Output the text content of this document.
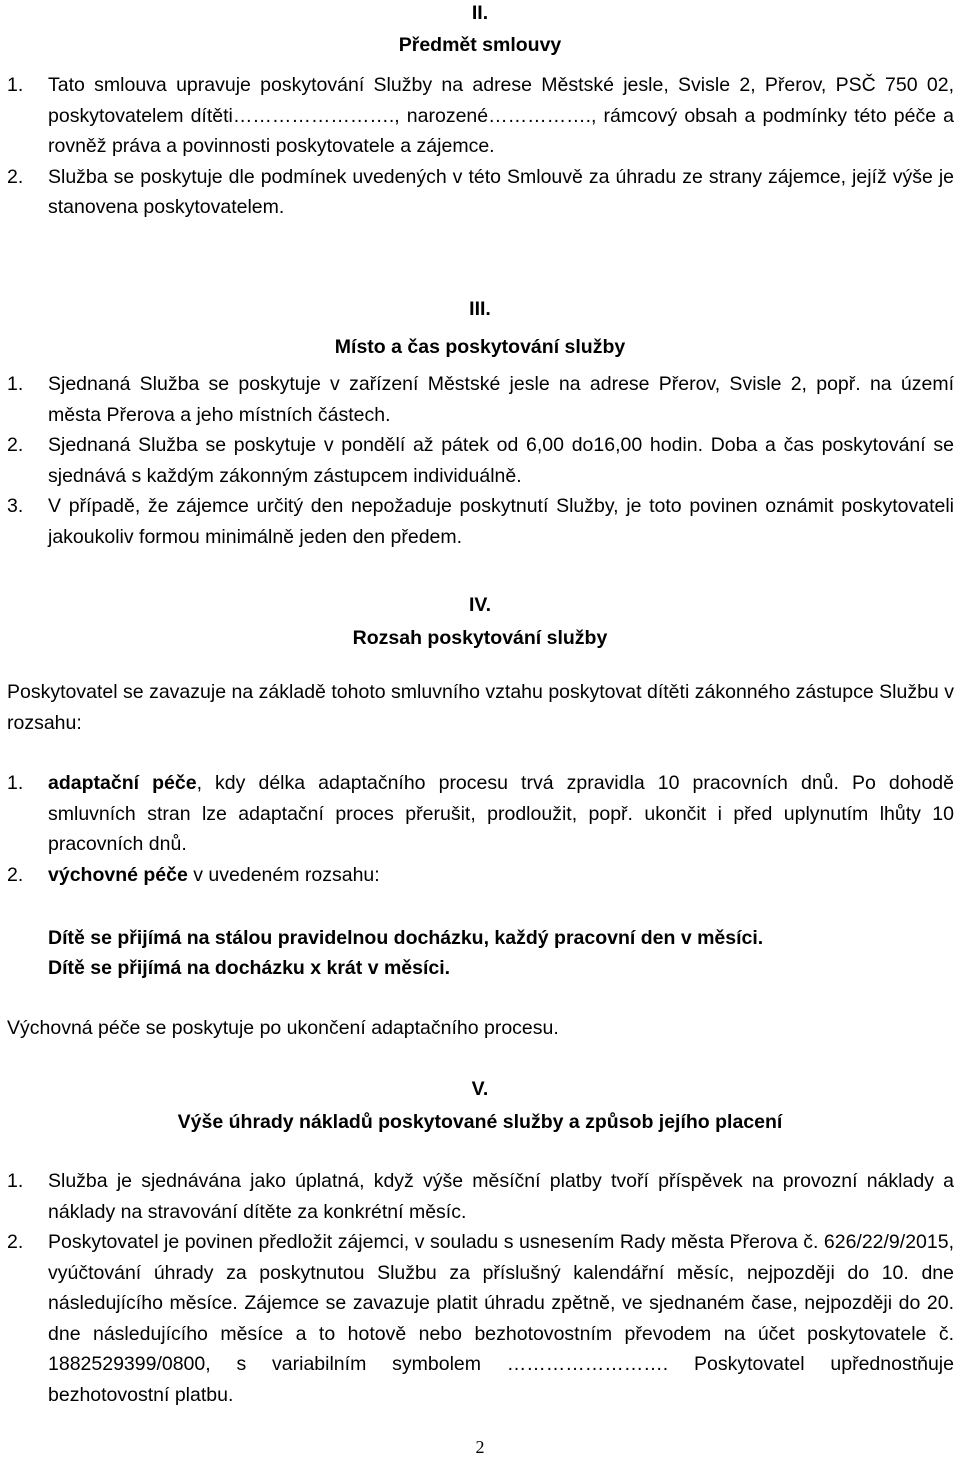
II.
Předmět smlouvy
1. Tato smlouva upravuje poskytování Služby na adrese Městské jesle, Svisle 2, Přerov, PSČ 750 02, poskytovatelem dítěti……………………., narozené……………., rámcový obsah a podmínky této péče a rovněž práva a povinnosti poskytovatele a zájemce.
2. Služba se poskytuje dle podmínek uvedených v této Smlouvě za úhradu ze strany zájemce, jejíž výše je stanovena poskytovatelem.
III.
Místo a čas poskytování služby
1. Sjednaná Služba se poskytuje v zařízení Městské jesle na adrese Přerov, Svisle 2, popř. na území města Přerova a jeho místních částech.
2. Sjednaná Služba se poskytuje v pondělí až pátek od 6,00 do16,00 hodin. Doba a čas poskytování se sjednává s každým zákonným zástupcem individuálně.
3. V případě, že zájemce určitý den nepožaduje poskytnutí Služby, je toto povinen oznámit poskytovateli jakoukoliv formou minimálně jeden den předem.
IV.
Rozsah poskytování služby
Poskytovatel se zavazuje na základě tohoto smluvního vztahu poskytovat dítěti zákonného zástupce Službu v rozsahu:
1. adaptační péče, kdy délka adaptačního procesu trvá zpravidla 10 pracovních dnů. Po dohodě smluvních stran lze adaptační proces přerušit, prodloužit, popř. ukončit i před uplynutím lhůty 10 pracovních dnů.
2. výchovné péče v uvedeném rozsahu:
Dítě se přijímá na stálou pravidelnou docházku, každý pracovní den v měsíci.
Dítě se přijímá na docházku x krát v měsíci.
Výchovná péče se poskytuje po ukončení adaptačního procesu.
V.
Výše úhrady nákladů poskytované služby a způsob jejího placení
1. Služba je sjednávána jako úplatná, když výše měsíční platby tvoří příspěvek na provozní náklady a náklady na stravování dítěte za konkrétní měsíc.
2. Poskytovatel je povinen předložit zájemci, v souladu s usnesením Rady města Přerova č. 626/22/9/2015, vyúčtování úhrady za poskytnutou Službu za příslušný kalendářní měsíc, nejpozději do 10. dne následujícího měsíce. Zájemce se zavazuje platit úhradu zpětně, ve sjednaném čase, nejpozději do 20. dne následujícího měsíce a to hotově nebo bezhotovostním převodem na účet poskytovatele č. 1882529399/0800, s variabilním symbolem ……………………. Poskytovatel upřednostňuje bezhotovostní platbu.
2
